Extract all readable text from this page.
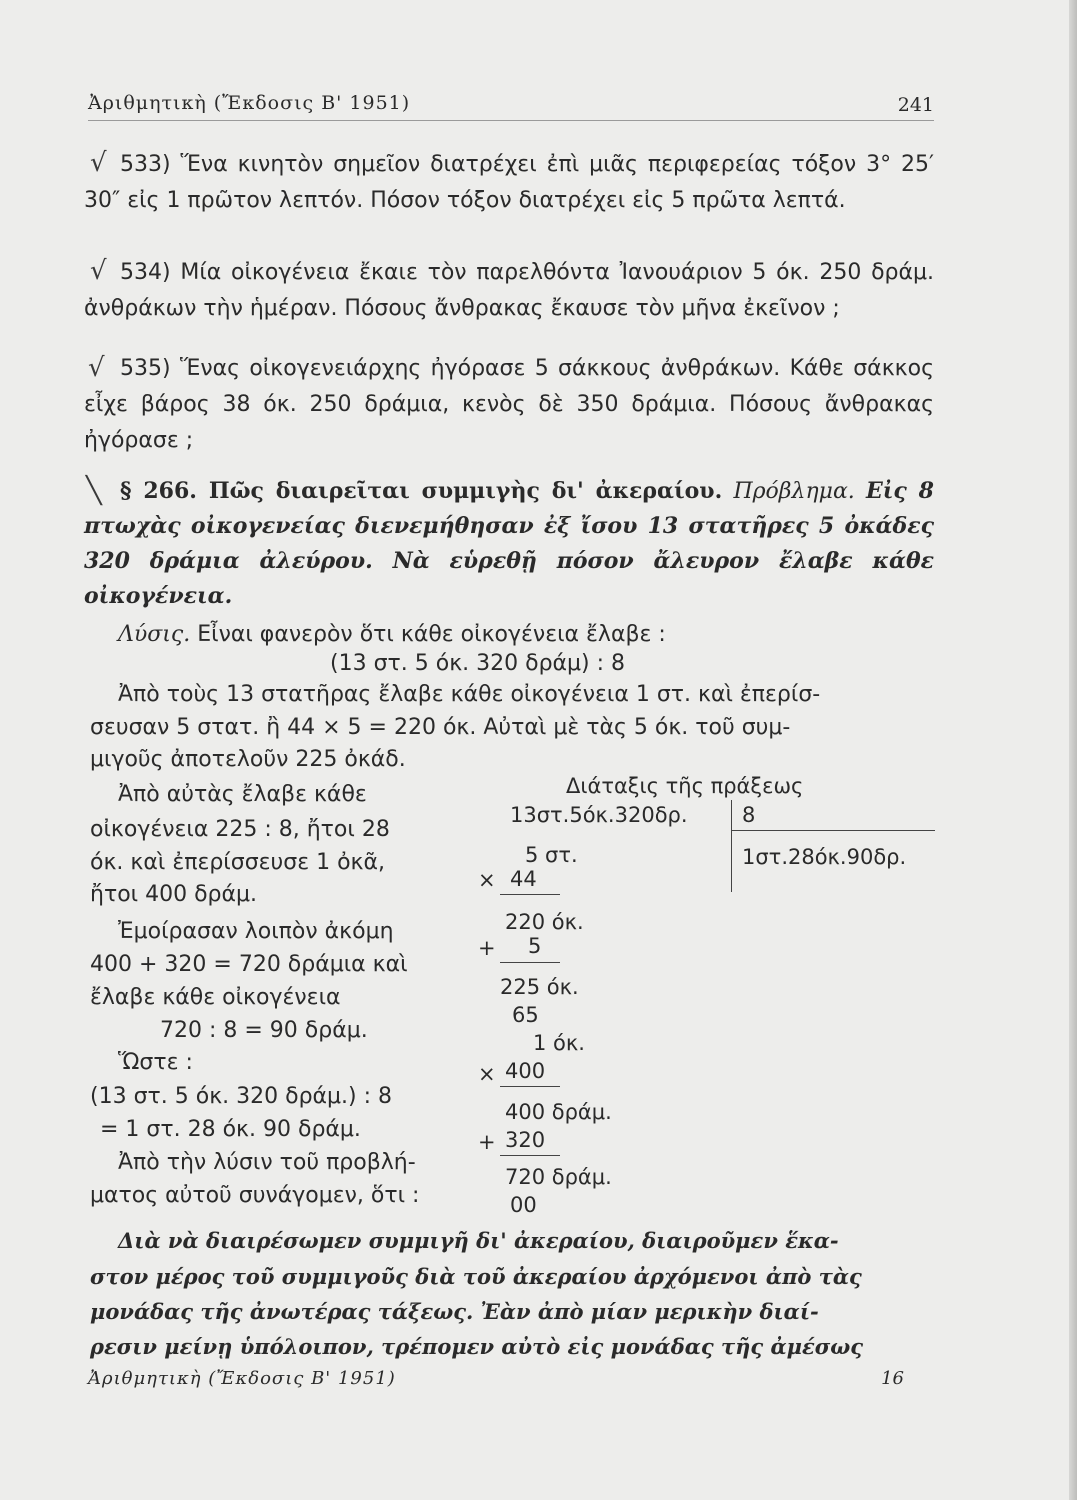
Ἀριθμητικὴ (Ἔκδοσις Β' 1951)	241
√ 533) Ἕνα κινητὸν σημεῖον διατρέχει ἐπὶ μιᾶς περιφερείας τόξον 3° 25′ 30″ εἰς 1 πρῶτον λεπτόν. Πόσον τόξον διατρέχει εἰς 5 πρῶτα λεπτά.

√ 534) Μία οἰκογένεια ἔκαιε τὸν παρελθόντα Ἰανουάριον 5 όκ. 250 δράμ. ἀνθράκων τὴν ἡμέραν. Πόσους ἄνθρακας ἔκαυσε τὸν μῆνα ἐκεῖνον ;

√ 535) Ἕνας οἰκογενειάρχης ἠγόρασε 5 σάκκους ἀνθράκων. Κάθε σάκκος εἶχε βάρος 38 όκ. 250 δράμια, κενὸς δὲ 350 δράμια. Πόσους ἄνθρακας ἠγόρασε ;

╲ § 266. Πῶς διαιρεῖται συμμιγὴς δι' ἀκεραίου. Πρόβλημα. Εἰς 8 πτωχὰς οἰκογενείας διενεμήθησαν ἐξ ἴσου 13 στατῆρες 5 ὀκάδες 320 δράμια ἀλεύρου. Νὰ εὑρεθῇ πόσον ἄλευρον ἔλαβε κάθε οἰκογένεια.

Λύσις. Εἶναι φανερὸν ὅτι κάθε οἰκογένεια ἔλαβε :
(13 στ. 5 όκ. 320 δράμ) : 8
Ἀπὸ τοὺς 13 στατῆρας ἔλαβε κάθε οἰκογένεια 1 στ. καὶ ἐπερίσ-
σευσαν 5 στατ. ἢ 44 × 5 = 220 όκ. Αὐταὶ μὲ τὰς 5 όκ. τοῦ συμ-
μιγοῦς ἀποτελοῦν 225 ὀκάδ.
Ἀπὸ αὐτὰς ἔλαβε κάθε
οἰκογένεια 225 : 8, ἤτοι 28
όκ. καὶ ἐπερίσσευσε 1 ὀκᾶ,
ἤτοι 400 δράμ.
Ἐμοίρασαν λοιπὸν ἀκόμη
400 + 320 = 720 δράμια καὶ
ἔλαβε κάθε οἰκογένεια
720 : 8 = 90 δράμ.
Ὥστε :
(13 στ. 5 όκ. 320 δράμ.) : 8
= 1 στ. 28 όκ. 90 δράμ.
Ἀπὸ τὴν λύσιν τοῦ προβλή-
ματος αὐτοῦ συνάγομεν, ὅτι :
Διάταξις τῆς πράξεως
13στ.5όκ.320δρ.	8
1στ.28όκ.90δρ.
5 στ.
× 44
220 όκ.
+ 5
225 όκ.
65
1 όκ.
× 400
400 δράμ.
+ 320
720 δράμ.
00
Διὰ νὰ διαιρέσωμεν συμμιγῆ δι' ἀκεραίου, διαιροῦμεν ἕκα-
στον μέρος τοῦ συμμιγοῦς διὰ τοῦ ἀκεραίου ἀρχόμενοι ἀπὸ τὰς
μονάδας τῆς ἀνωτέρας τάξεως. Ἐὰν ἀπὸ μίαν μερικὴν διαί-
ρεσιν μείνῃ ὑπόλοιπον, τρέπομεν αὐτὸ εἰς μονάδας τῆς ἀμέσως
Ἀριθμητικὴ (Ἔκδοσις Β' 1951)	16
